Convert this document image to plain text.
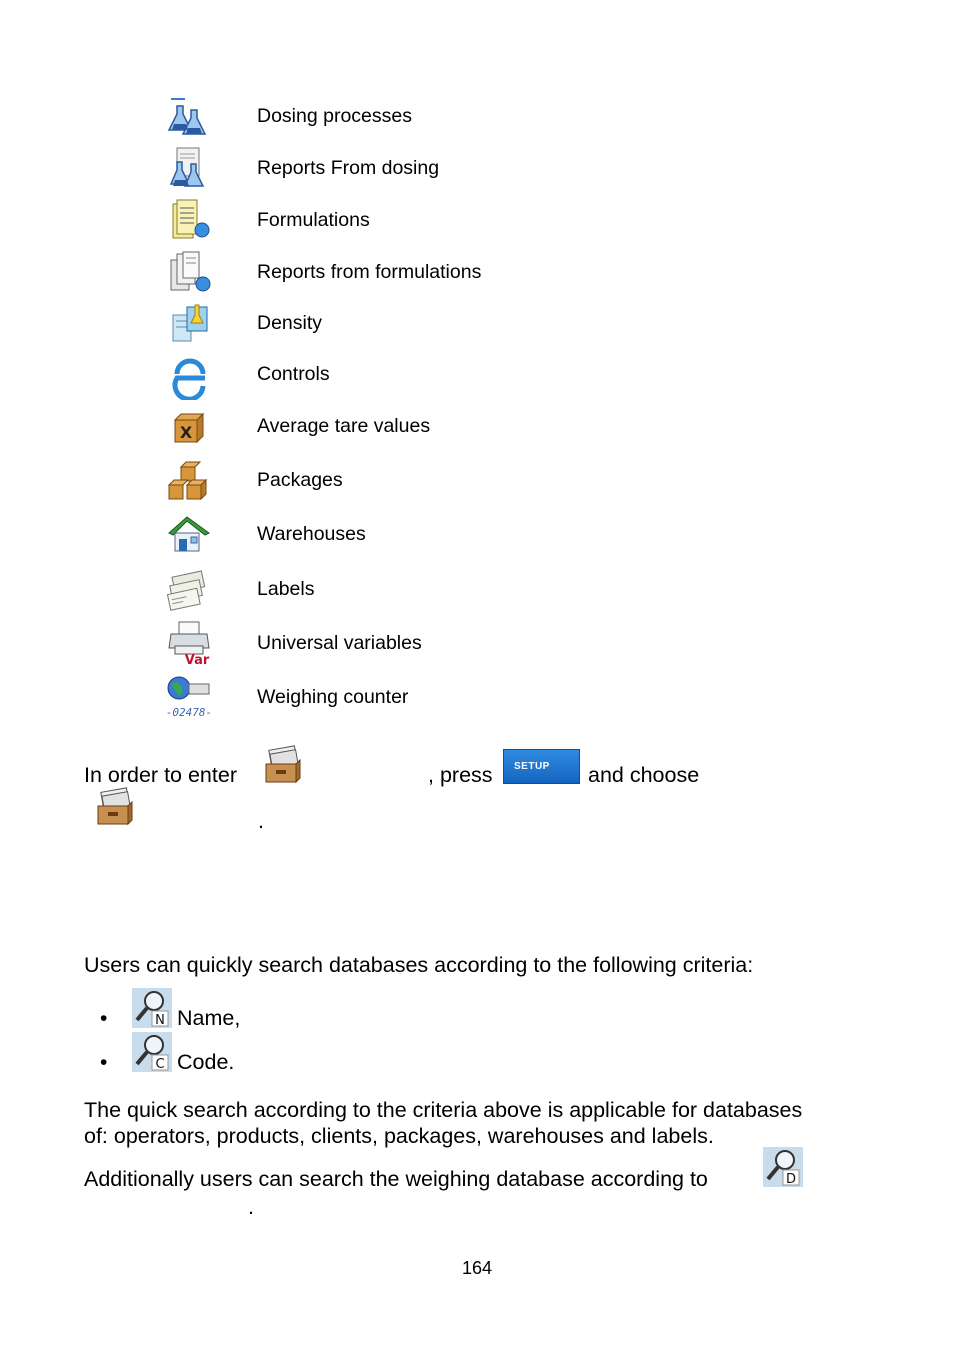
Dosing processes
Reports From dosing
Formulations
Reports from formulations
Density
Controls
X	Average tare values
Packages
Warehouses
Labels
Var
Universal variables
-02478-
Weighing counter
In order to enter	, press	SETUP	and choose
.
Users can quickly search databases according to the following criteria:
•	N Name,
•	C Code.
The quick search according to the criteria above is applicable for databases
of: operators, products, clients, packages, warehouses and labels.
Additionally users can search the weighing database according to	D
.
164
